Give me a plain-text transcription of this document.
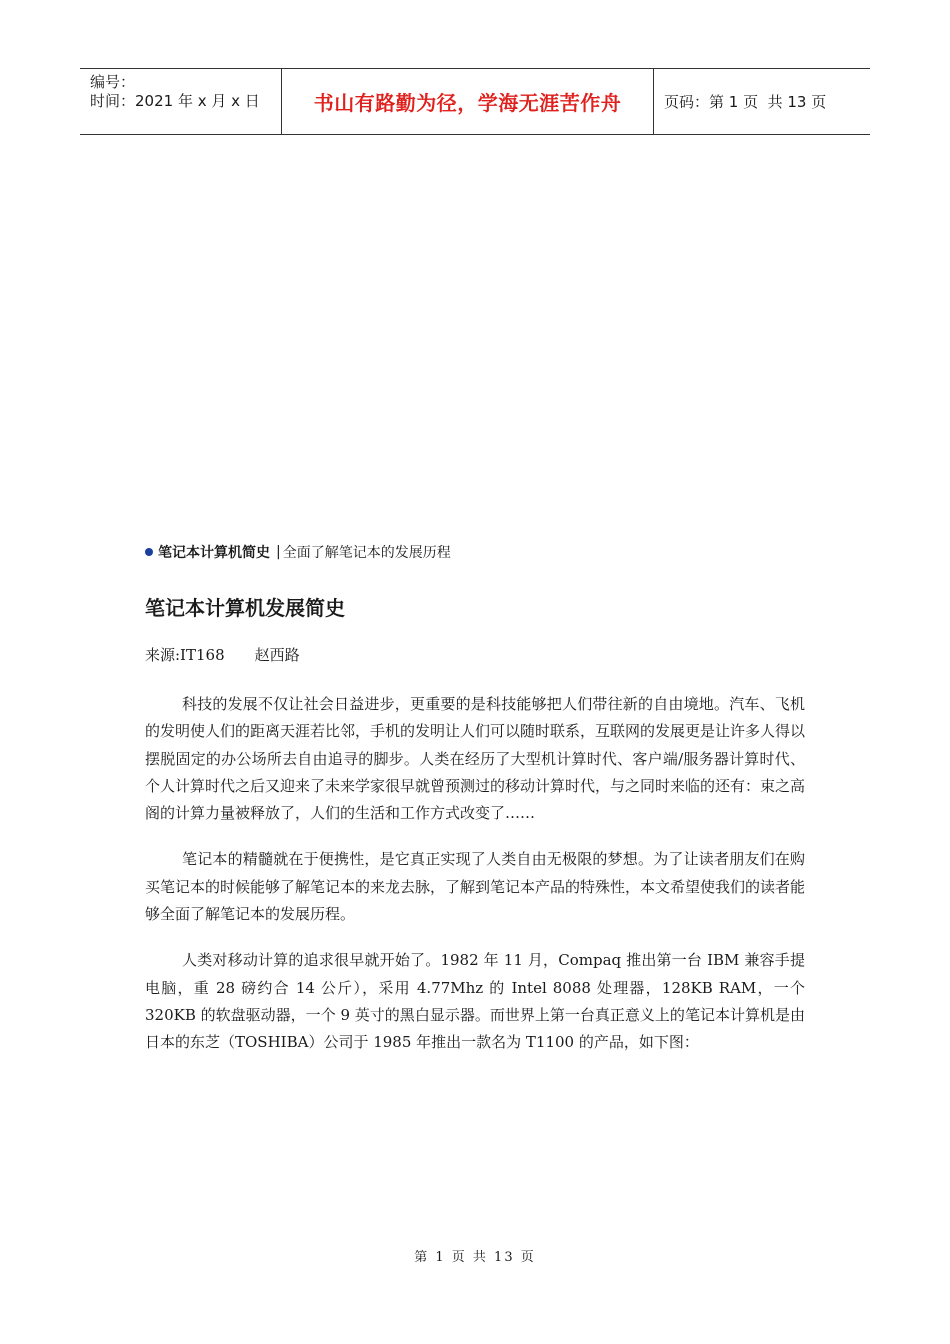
编号：
时间：2021 年 x 月 x 日	书山有路勤为径，学海无涯苦作舟	页码：第 1 页  共 13 页
笔记本计算机简史 | 全面了解笔记本的发展历程
笔记本计算机发展简史
来源:IT168 赵西路

科技的发展不仅让社会日益进步，更重要的是科技能够把人们带往新的自由境地。汽车、飞机的发明使人们的距离天涯若比邻，手机的发明让人们可以随时联系，互联网的发展更是让许多人得以摆脱固定的办公场所去自由追寻的脚步。人类在经历了大型机计算时代、客户端/服务器计算时代、个人计算时代之后又迎来了未来学家很早就曾预测过的移动计算时代，与之同时来临的还有：束之高阁的计算力量被释放了，人们的生活和工作方式改变了……

笔记本的精髓就在于便携性，是它真正实现了人类自由无极限的梦想。为了让读者朋友们在购买笔记本的时候能够了解笔记本的来龙去脉，了解到笔记本产品的特殊性，本文希望使我们的读者能够全面了解笔记本的发展历程。

人类对移动计算的追求很早就开始了。1982 年 11 月，Compaq 推出第一台 IBM 兼容手提电脑，重 28 磅约合 14 公斤），采用 4.77Mhz 的 Intel 8088 处理器，128KB RAM，一个 320KB 的软盘驱动器，一个 9 英寸的黑白显示器。而世界上第一台真正意义上的笔记本计算机是由日本的东芝（TOSHIBA）公司于 1985 年推出一款名为 T1100 的产品，如下图：

第 1 页 共 13 页
